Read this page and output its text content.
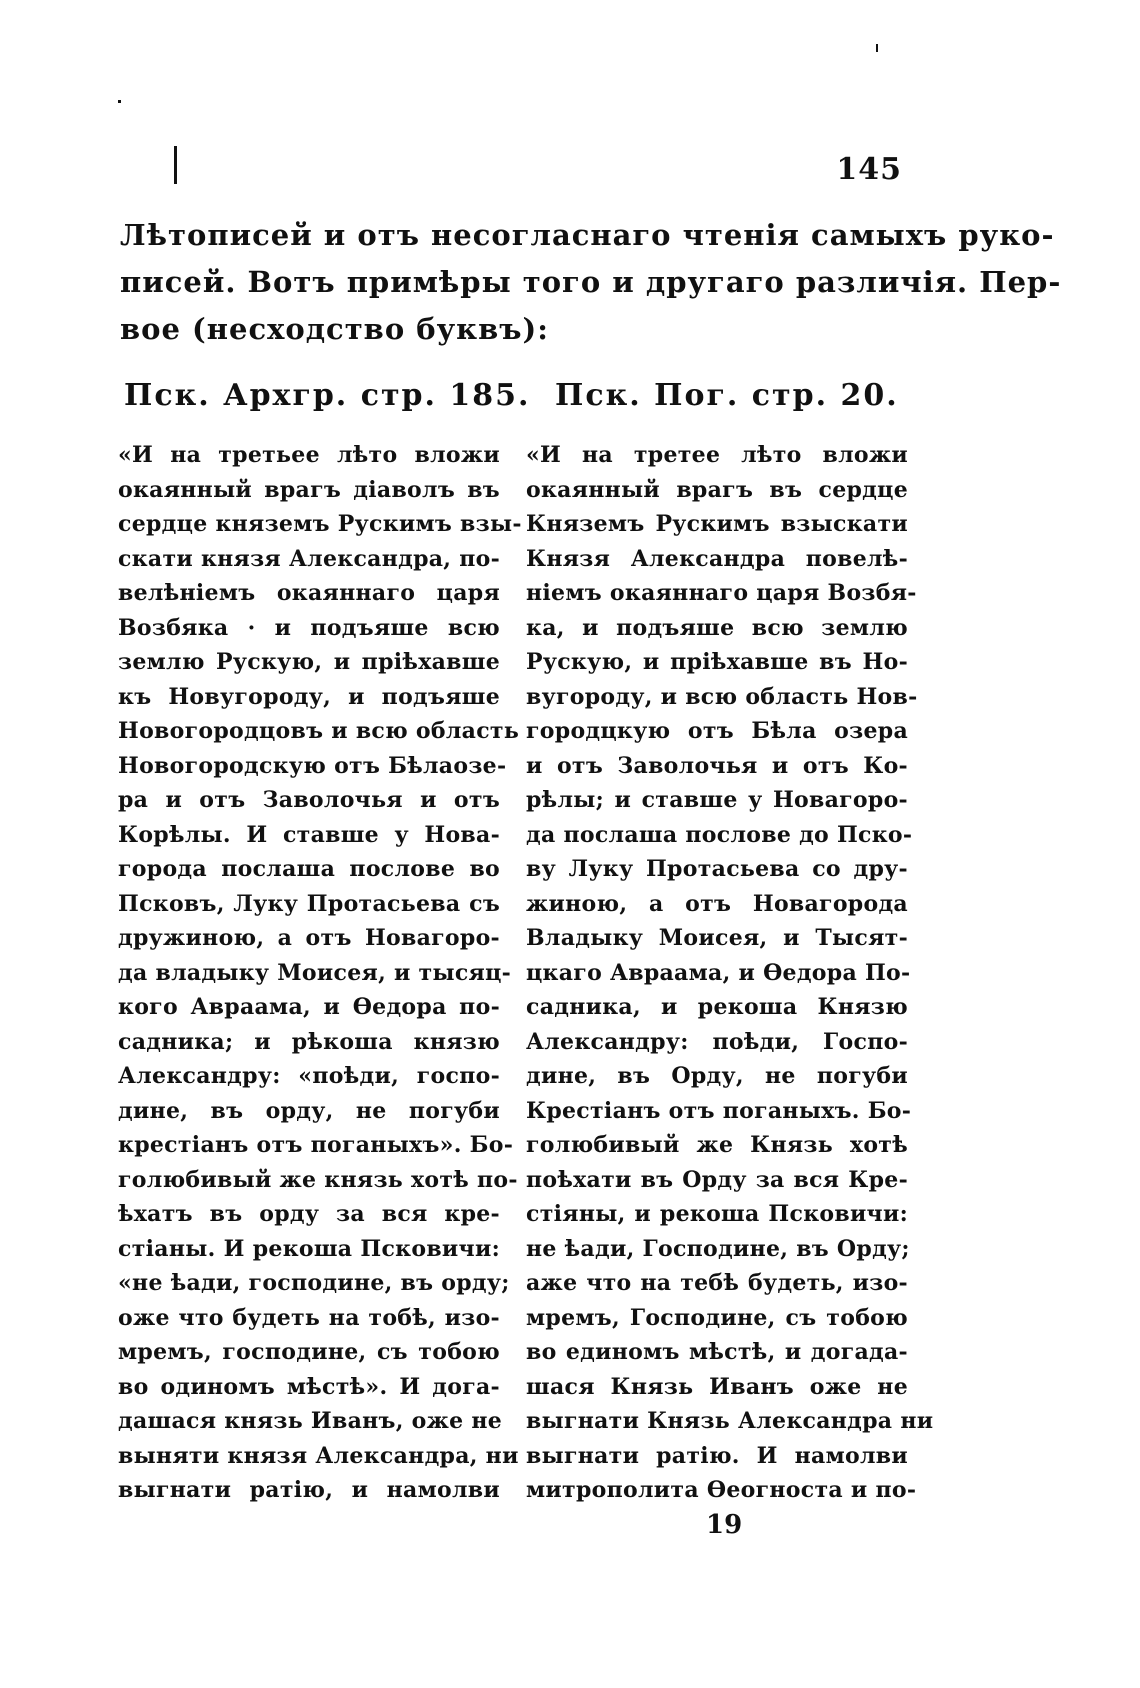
145
Лѣтописей и отъ несогласнаго чтенія самыхъ руко-
писей. Вотъ примѣры того и другаго различія. Пер-
вое (несходство буквъ):
Пск. Архгр. стр. 185. Пск. Пог. стр. 20.
«И на третьее лѣто вложи
окаянный врагъ діаволъ въ
сердце княземъ Рускимъ взы-
скати князя Александра, по-
велѣніемъ окаяннаго царя
Возбяка · и подъяше всю
землю Рускую, и пріѣхавше
къ Новугороду, и подъяше
Новогородцовъ и всю область
Новогородскую отъ Бѣлаозе-
ра и отъ Заволочья и отъ
Корѣлы. И ставше у Нова-
города послаша послове во
Псковъ, Луку Протасьева съ
дружиною, а отъ Новагоро-
да владыку Моисея, и тысяц-
кого Авраама, и Ѳедора по-
садника; и рѣкоша князю
Александру: «поѣди, госпо-
дине, въ орду, не погуби
крестіанъ отъ поганыхъ». Бо-
голюбивый же князь хотѣ по-
ѣхатъ въ орду за вся кре-
стіаны. И рекоша Псковичи:
«не ѣади, господине, въ орду;
оже что будеть на тобѣ, изо-
мремъ, господине, съ тобою
во одиномъ мѣстѣ». И дога-
дашася князь Иванъ, оже не
выняти князя Александра, ни
выгнати ратію, и намолви
«И на третее лѣто вложи
окаянный врагъ въ сердце
Княземъ Рускимъ взыскати
Князя Александра повелѣ-
ніемъ окаяннаго царя Возбя-
ка, и подъяше всю землю
Рускую, и пріѣхавше въ Но-
вугороду, и всю область Нов-
городцкую отъ Бѣла озера
и отъ Заволочья и отъ Ко-
рѣлы; и ставше у Новагоро-
да послаша послове до Пско-
ву Луку Протасьева со дру-
жиною, а отъ Новагорода
Владыку Моисея, и Тысят-
цкаго Авраама, и Ѳедора По-
садника, и рекоша Князю
Александру: поѣди, Госпо-
дине, въ Орду, не погуби
Крестіанъ отъ поганыхъ. Бо-
голюбивый же Князь хотѣ
поѣхати въ Орду за вся Кре-
стіяны, и рекоша Псковичи:
не ѣади, Господине, въ Орду;
аже что на тебѣ будеть, изо-
мремъ, Господине, съ тобою
во единомъ мѣстѣ, и догада-
шася Князь Иванъ оже не
выгнати Князь Александра ни
выгнати ратію. И намолви
митрополита Ѳеогноста и по-
19
